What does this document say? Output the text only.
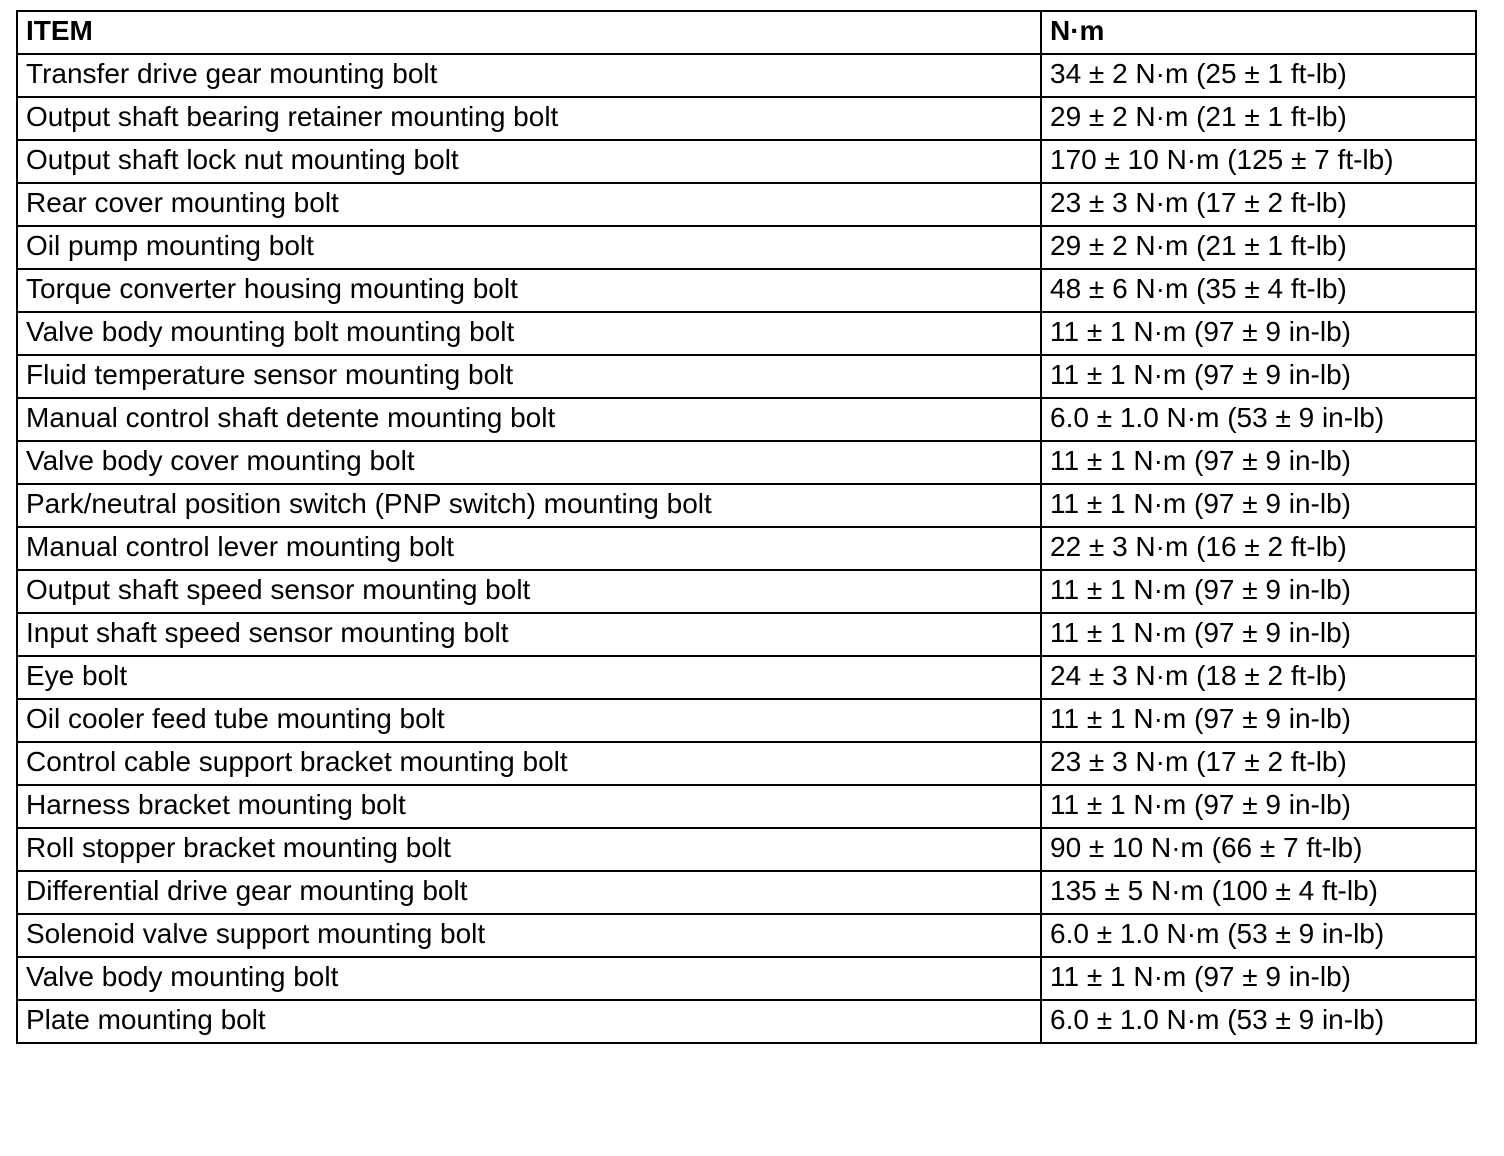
ITEM	N·m
Transfer drive gear mounting bolt	34 ± 2 N·m (25 ± 1 ft-lb)
Output shaft bearing retainer mounting bolt	29 ± 2 N·m (21 ± 1 ft-lb)
Output shaft lock nut mounting bolt	170 ± 10 N·m (125 ± 7 ft-lb)
Rear cover mounting bolt	23 ± 3 N·m (17 ± 2 ft-lb)
Oil pump mounting bolt	29 ± 2 N·m (21 ± 1 ft-lb)
Torque converter housing mounting bolt	48 ± 6 N·m (35 ± 4 ft-lb)
Valve body mounting bolt mounting bolt	11 ± 1 N·m (97 ± 9 in-lb)
Fluid temperature sensor mounting bolt	11 ± 1 N·m (97 ± 9 in-lb)
Manual control shaft detente mounting bolt	6.0 ± 1.0 N·m (53 ± 9 in-lb)
Valve body cover mounting bolt	11 ± 1 N·m (97 ± 9 in-lb)
Park/neutral position switch (PNP switch) mounting bolt	11 ± 1 N·m (97 ± 9 in-lb)
Manual control lever mounting bolt	22 ± 3 N·m (16 ± 2 ft-lb)
Output shaft speed sensor mounting bolt	11 ± 1 N·m (97 ± 9 in-lb)
Input shaft speed sensor mounting bolt	11 ± 1 N·m (97 ± 9 in-lb)
Eye bolt	24 ± 3 N·m (18 ± 2 ft-lb)
Oil cooler feed tube mounting bolt	11 ± 1 N·m (97 ± 9 in-lb)
Control cable support bracket mounting bolt	23 ± 3 N·m (17 ± 2 ft-lb)
Harness bracket mounting bolt	11 ± 1 N·m (97 ± 9 in-lb)
Roll stopper bracket mounting bolt	90 ± 10 N·m (66 ± 7 ft-lb)
Differential drive gear mounting bolt	135 ± 5 N·m (100 ± 4 ft-lb)
Solenoid valve support mounting bolt	6.0 ± 1.0 N·m (53 ± 9 in-lb)
Valve body mounting bolt	11 ± 1 N·m (97 ± 9 in-lb)
Plate mounting bolt	6.0 ± 1.0 N·m (53 ± 9 in-lb)
